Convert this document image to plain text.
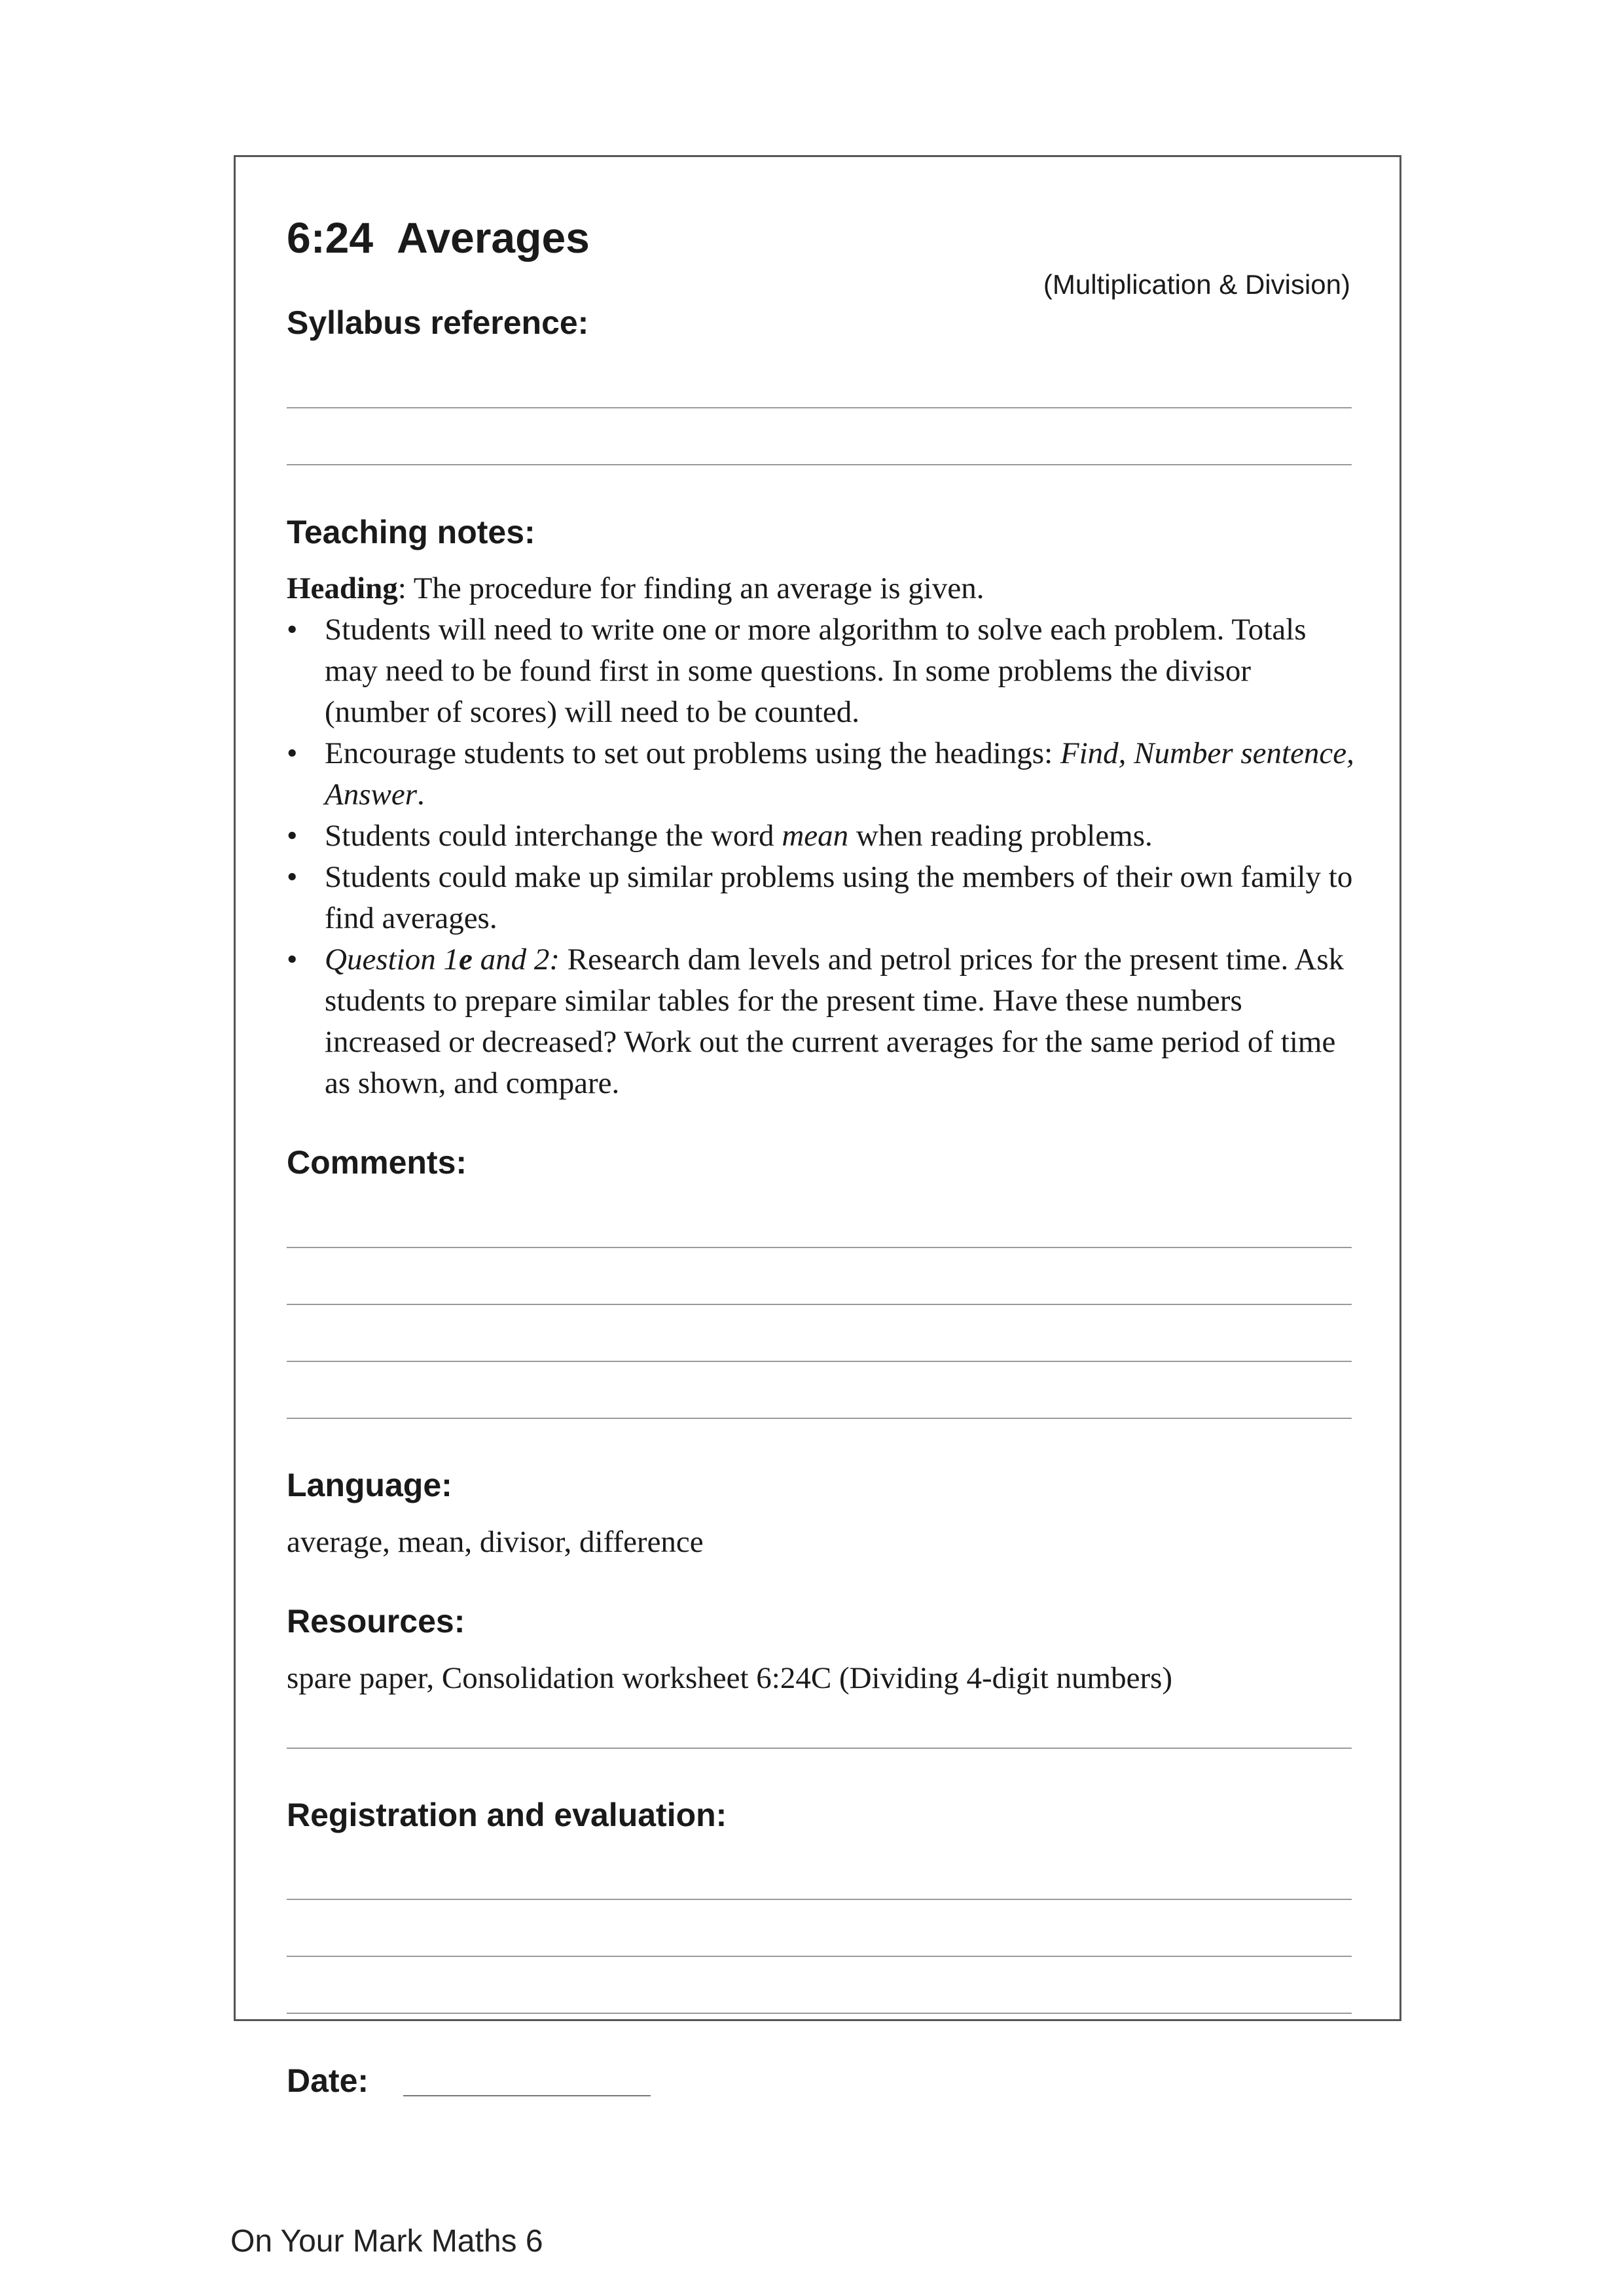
6:24 Averages
(Multiplication & Division)
Syllabus reference:
Teaching notes:

Heading: The procedure for finding an average is given.

• Students will need to write one or more algorithm to solve each problem. Totals may need to be found first in some questions. In some problems the divisor (number of scores) will need to be counted.
• Encourage students to set out problems using the headings: Find, Number sentence, Answer.
• Students could interchange the word mean when reading problems.
• Students could make up similar problems using the members of their own family to find averages.
• Question 1e and 2: Research dam levels and petrol prices for the present time. Ask students to prepare similar tables for the present time. Have these numbers increased or decreased? Work out the current averages for the same period of time as shown, and compare.
Comments:
Language:
average, mean, divisor, difference
Resources:
spare paper, Consolidation worksheet 6:24C (Dividing 4-digit numbers)
Registration and evaluation:
Date:
On Your Mark Maths 6
